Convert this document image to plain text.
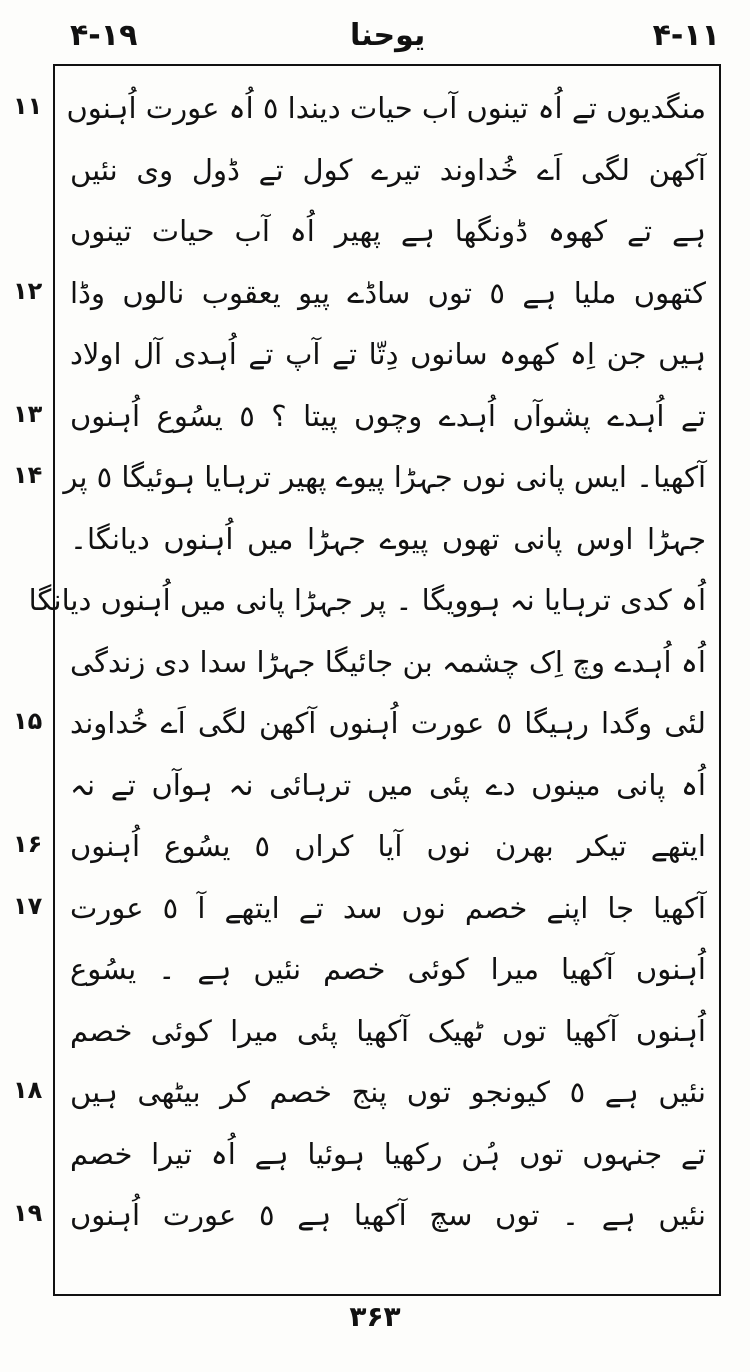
۴-۱۹	یوحنا	۴-۱۱
۱۱
۱۲
۱۳
۱۴
۱۵
۱۶
۱۷
۱۸
۱۹
منگدیوں تے اُہ تینوں آب حیات دیندا ٥ اُہ عورت اُہنوں
آکھن لگی اَے خُداوند تیرے کول تے ڈول وی نئیں
ہے تے کھوہ ڈونگھا ہے پھیر اُہ آب حیات تینوں
کتھوں ملیا ہے ٥ توں ساڈے پیو یعقوب نالوں وڈا
ہیں جن اِہ کھوہ سانوں دِتّا تے آپ تے اُہدی آل اولاد
تے اُہدے پشوآں اُہدے وچوں پیتا ؟ ٥ یسُوع اُہنوں
آکھیا۔ ایس پانی نوں جہڑا پیوے پھیر ترہایا ہوئیگا ٥ پر
جہڑا اوس پانی تھوں پیوے جہڑا میں اُہنوں دیانگا۔
اُہ کدی ترہایا نہ ہوویگا ۔ پر جہڑا پانی میں اُہنوں دیانگا
اُہ اُہدے وچ اِک چشمہ بن جائیگا جہڑا سدا دی زندگی
لئی وگدا رہیگا ٥ عورت اُہنوں آکھن لگی اَے خُداوند
اُہ پانی مینوں دے پئی میں ترہائی نہ ہوآں تے نہ
ایتھے تیکر بھرن نوں آیا کراں ٥ یسُوع اُہنوں
آکھیا جا اپنے خصم نوں سد تے ایتھے آ ٥ عورت
اُہنوں آکھیا میرا کوئی خصم نئیں ہے ۔ یسُوع
اُہنوں آکھیا توں ٹھیک آکھیا پئی میرا کوئی خصم
نئیں ہے ٥ کیونجو توں پنج خصم کر بیٹھی ہیں
تے جنہوں توں ہُن رکھیا ہوئیا ہے اُہ تیرا خصم
نئیں ہے ۔ توں سچ آکھیا ہے ٥ عورت اُہنوں
۳۶۳
